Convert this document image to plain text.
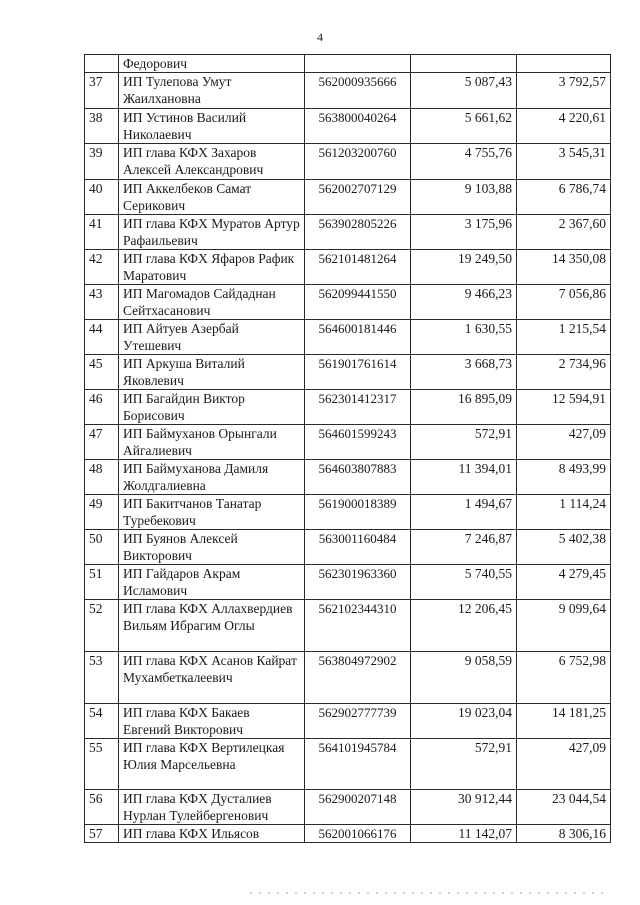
4
	Федорович			
37	ИП Тулепова Умут Жаилхановна	562000935666	5 087,43	3 792,57
38	ИП Устинов Василий Николаевич	563800040264	5 661,62	4 220,61
39	ИП глава КФХ Захаров Алексей Александрович	561203200760	4 755,76	3 545,31
40	ИП Аккелбеков Самат Серикович	562002707129	9 103,88	6 786,74
41	ИП глава КФХ Муратов Артур Рафаильевич	563902805226	3 175,96	2 367,60
42	ИП глава КФХ Яфаров Рафик Маратович	562101481264	19 249,50	14 350,08
43	ИП Магомадов Сайдаднан Сейтхасанович	562099441550	9 466,23	7 056,86
44	ИП Айтуев Азербай Утешевич	564600181446	1 630,55	1 215,54
45	ИП Аркуша Виталий Яковлевич	561901761614	3 668,73	2 734,96
46	ИП Багайдин Виктор Борисович	562301412317	16 895,09	12 594,91
47	ИП Баймуханов Орынгали Айгалиевич	564601599243	572,91	427,09
48	ИП Баймуханова Дамиля Жолдгалиевна	564603807883	11 394,01	8 493,99
49	ИП Бакитчанов Танатар Туребекович	561900018389	1 494,67	1 114,24
50	ИП Буянов Алексей Викторович	563001160484	7 246,87	5 402,38
51	ИП Гайдаров Акрам Исламович	562301963360	5 740,55	4 279,45
52	ИП глава КФХ Аллахвердиев Вильям Ибрагим Оглы	562102344310	12 206,45	9 099,64
53	ИП глава КФХ Асанов Кайрат Мухамбеткалеевич	563804972902	9 058,59	6 752,98
54	ИП глава КФХ Бакаев Евгений Викторович	562902777739	19 023,04	14 181,25
55	ИП глава КФХ Вертилецкая Юлия Марсельевна	564101945784	572,91	427,09
56	ИП глава КФХ Дусталиев Нурлан Тулейбергенович	562900207148	30 912,44	23 044,54
57	ИП глава КФХ Ильясов	562001066176	11 142,07	8 306,16
